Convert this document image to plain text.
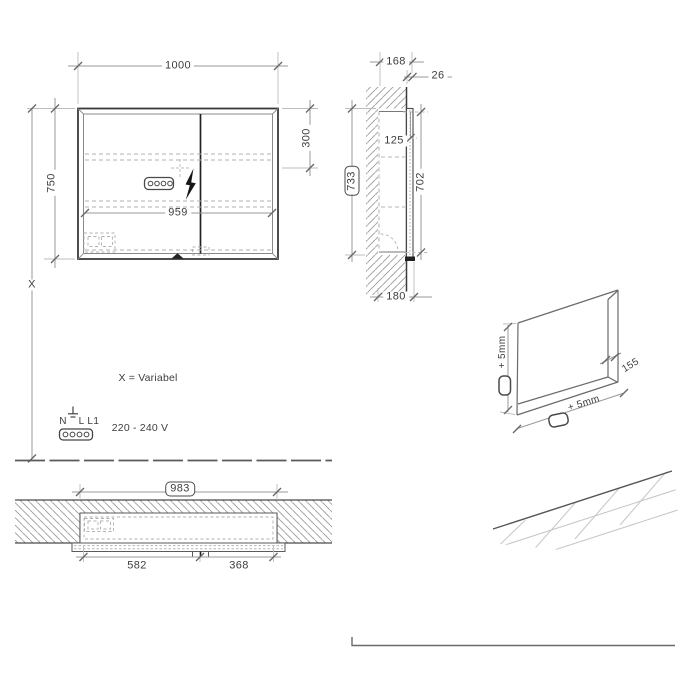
1000
750
300
959
X
168
26
125
733	702
180
983
582	368
+ 5mm
+ 5mm
155
X = Variabel
N L L1
220 - 240 V
